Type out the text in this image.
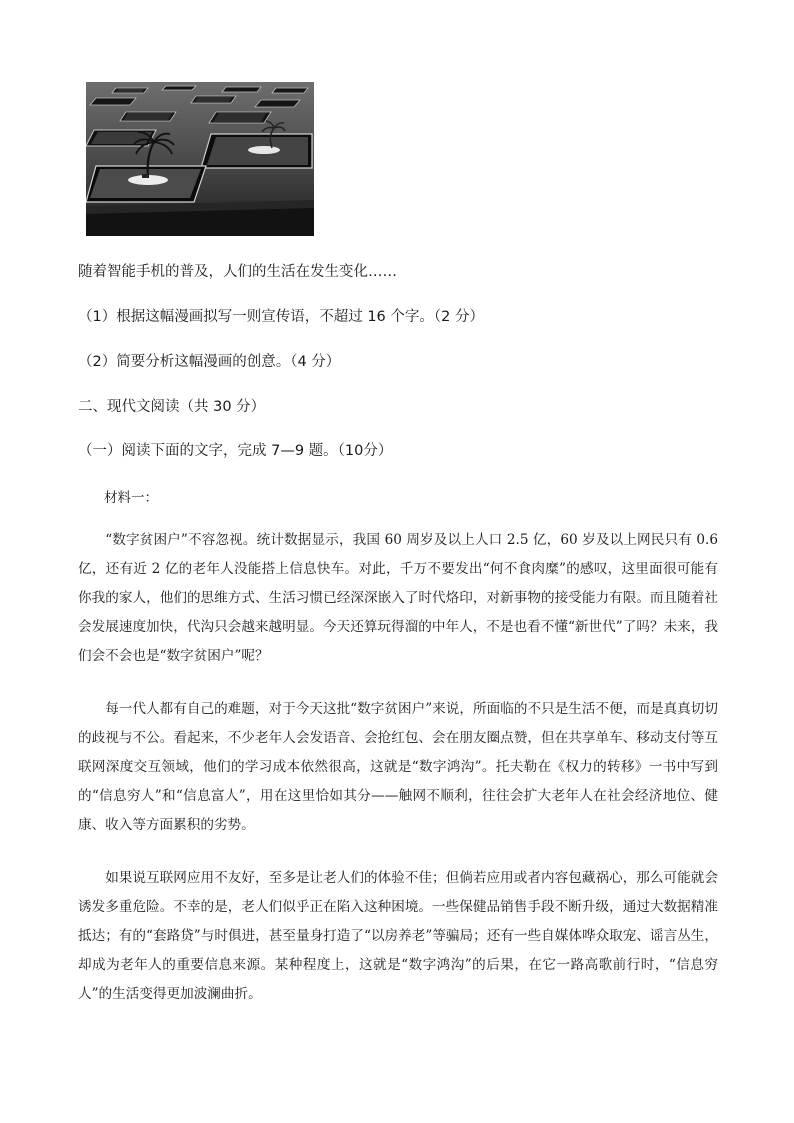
随着智能手机的普及，人们的生活在发生变化……
（1）根据这幅漫画拟写一则宣传语，不超过 16 个字。（2 分）
（2）简要分析这幅漫画的创意。（4 分）
二、现代文阅读（共 30 分）
（一）阅读下面的文字，完成 7—9 题。（10分）
材料一：

“数字贫困户”不容忽视。统计数据显示，我国 60 周岁及以上人口 2.5 亿，60 岁及以上网民只有 0.6 亿，还有近 2 亿的老年人没能搭上信息快车。对此，千万不要发出“何不食肉糜”的感叹，这里面很可能有你我的家人，他们的思维方式、生活习惯已经深深嵌入了时代烙印，对新事物的接受能力有限。而且随着社会发展速度加快，代沟只会越来越明显。今天还算玩得溜的中年人，不是也看不懂“新世代”了吗？未来，我们会不会也是“数字贫困户”呢？

每一代人都有自己的难题，对于今天这批“数字贫困户”来说，所面临的不只是生活不便，而是真真切切的歧视与不公。看起来，不少老年人会发语音、会抢红包、会在朋友圈点赞，但在共享单车、移动支付等互联网深度交互领域，他们的学习成本依然很高，这就是“数字鸿沟”。托夫勒在《权力的转移》一书中写到的“信息穷人”和“信息富人”，用在这里恰如其分——触网不顺利，往往会扩大老年人在社会经济地位、健康、收入等方面累积的劣势。

如果说互联网应用不友好，至多是让老人们的体验不佳；但倘若应用或者内容包藏祸心，那么可能就会诱发多重危险。不幸的是，老人们似乎正在陷入这种困境。一些保健品销售手段不断升级，通过大数据精准抵达；有的“套路贷”与时俱进，甚至量身打造了“以房养老”等骗局；还有一些自媒体哗众取宠、谣言丛生，却成为老年人的重要信息来源。某种程度上，这就是“数字鸿沟”的后果，在它一路高歌前行时，“信息穷人”的生活变得更加波澜曲折。
